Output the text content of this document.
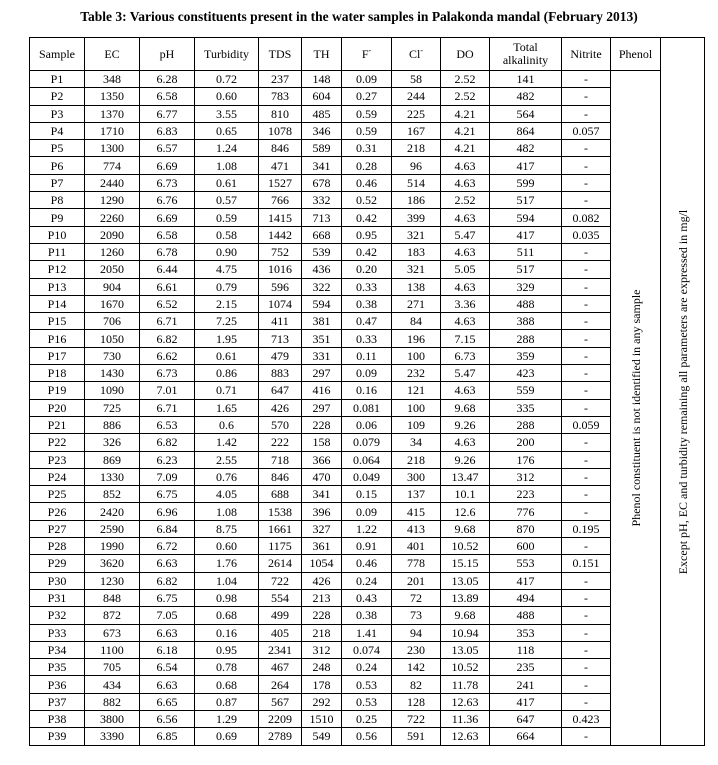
Table 3: Various constituents present in the water samples in Palakonda mandal (February 2013)
Sample	EC	pH	Turbidity	TDS	TH	F-	Cl-	DO	Total alkalinity	Nitrite	Phenol	
P1	348	6.28	0.72	237	148	0.09	58	2.52	141	-	Phenol constituent is not identified in any sample	Except pH, EC and turbidity remaining all parameters are expressed in mg/l

P2	1350	6.58	0.60	783	604	0.27	244	2.52	482	-		
P3	1370	6.77	3.55	810	485	0.59	225	4.21	564	-		
P4	1710	6.83	0.65	1078	346	0.59	167	4.21	864	0.057		
P5	1300	6.57	1.24	846	589	0.31	218	4.21	482	-		
P6	774	6.69	1.08	471	341	0.28	96	4.63	417	-		
P7	2440	6.73	0.61	1527	678	0.46	514	4.63	599	-		
P8	1290	6.76	0.57	766	332	0.52	186	2.52	517	-		
P9	2260	6.69	0.59	1415	713	0.42	399	4.63	594	0.082		
P10	2090	6.58	0.58	1442	668	0.95	321	5.47	417	0.035		
P11	1260	6.78	0.90	752	539	0.42	183	4.63	511	-		
P12	2050	6.44	4.75	1016	436	0.20	321	5.05	517	-		
P13	904	6.61	0.79	596	322	0.33	138	4.63	329	-		
P14	1670	6.52	2.15	1074	594	0.38	271	3.36	488	-		
P15	706	6.71	7.25	411	381	0.47	84	4.63	388	-		
P16	1050	6.82	1.95	713	351	0.33	196	7.15	288	-		
P17	730	6.62	0.61	479	331	0.11	100	6.73	359	-		
P18	1430	6.73	0.86	883	297	0.09	232	5.47	423	-		
P19	1090	7.01	0.71	647	416	0.16	121	4.63	559	-		
P20	725	6.71	1.65	426	297	0.081	100	9.68	335	-		
P21	886	6.53	0.6	570	228	0.06	109	9.26	288	0.059		
P22	326	6.82	1.42	222	158	0.079	34	4.63	200	-		
P23	869	6.23	2.55	718	366	0.064	218	9.26	176	-		
P24	1330	7.09	0.76	846	470	0.049	300	13.47	312	-		
P25	852	6.75	4.05	688	341	0.15	137	10.1	223	-		
P26	2420	6.96	1.08	1538	396	0.09	415	12.6	776	-		
P27	2590	6.84	8.75	1661	327	1.22	413	9.68	870	0.195		
P28	1990	6.72	0.60	1175	361	0.91	401	10.52	600	-		
P29	3620	6.63	1.76	2614	1054	0.46	778	15.15	553	0.151		
P30	1230	6.82	1.04	722	426	0.24	201	13.05	417	-		
P31	848	6.75	0.98	554	213	0.43	72	13.89	494	-		
P32	872	7.05	0.68	499	228	0.38	73	9.68	488	-		
P33	673	6.63	0.16	405	218	1.41	94	10.94	353	-		
P34	1100	6.18	0.95	2341	312	0.074	230	13.05	118	-		
P35	705	6.54	0.78	467	248	0.24	142	10.52	235	-		
P36	434	6.63	0.68	264	178	0.53	82	11.78	241	-		
P37	882	6.65	0.87	567	292	0.53	128	12.63	417	-		
P38	3800	6.56	1.29	2209	1510	0.25	722	11.36	647	0.423		
P39	3390	6.85	0.69	2789	549	0.56	591	12.63	664	-		
